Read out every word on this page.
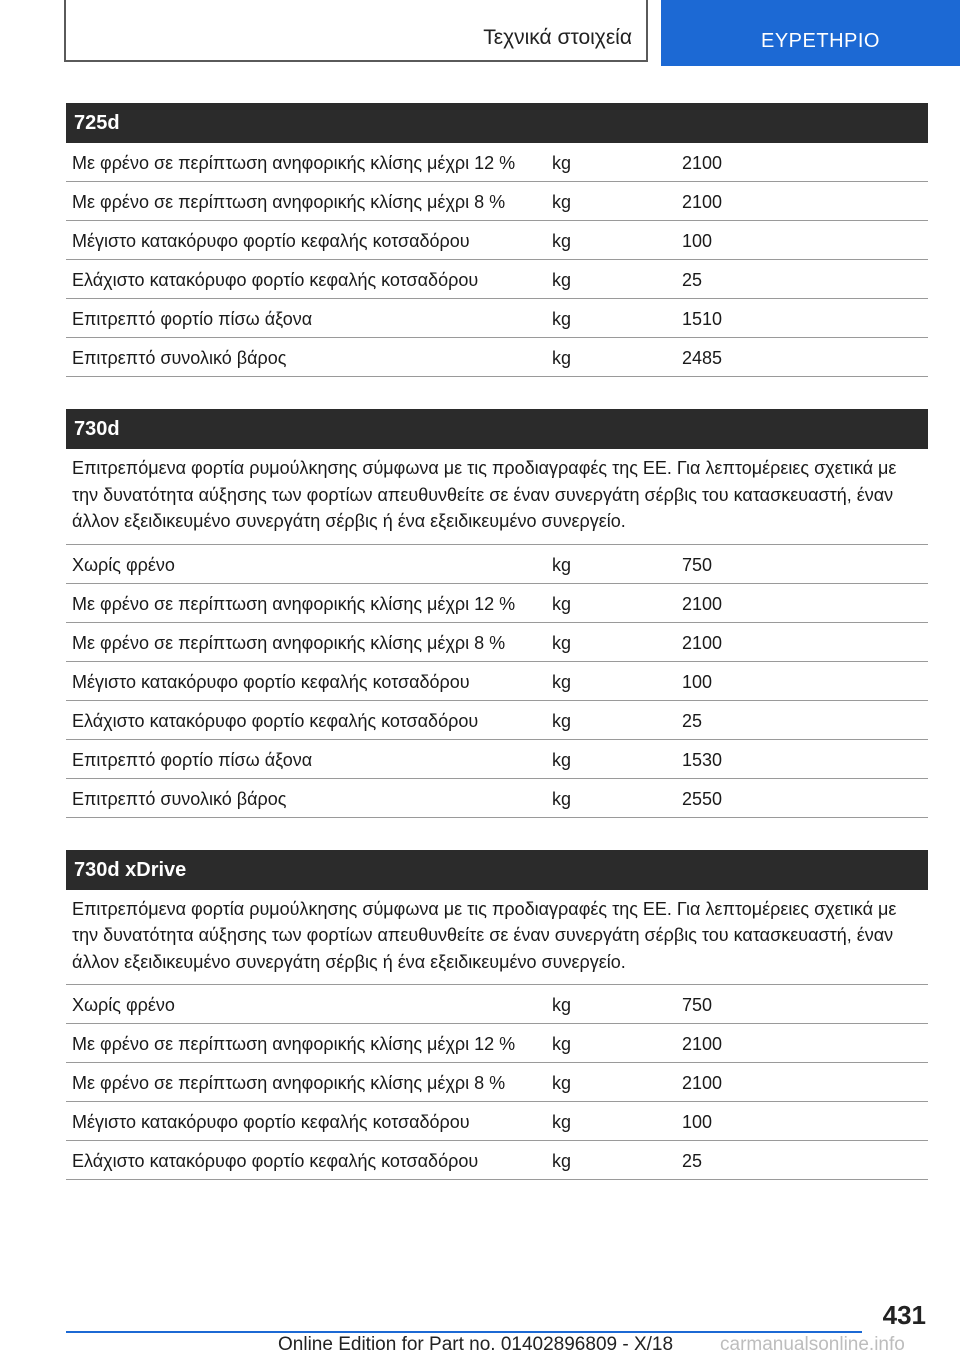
Τεχνικά στοιχεία	ΕΥΡΕΤΗΡΙΟ
725d
Με φρένο σε περίπτωση ανηφορικής κλίσης μέχρι 12 %	kg	2100
Με φρένο σε περίπτωση ανηφορικής κλίσης μέχρι 8 %	kg	2100
Μέγιστο κατακόρυφο φορτίο κεφαλής κοτσαδόρου	kg	100
Ελάχιστο κατακόρυφο φορτίο κεφαλής κοτσαδόρου	kg	25
Επιτρεπτό φορτίο πίσω άξονα	kg	1510
Επιτρεπτό συνολικό βάρος	kg	2485
730d
Επιτρεπόμενα φορτία ρυμούλκησης σύμφωνα με τις προδιαγραφές της ΕΕ. Για λεπτομέρειες σχετικά με την δυνατότητα αύξησης των φορτίων απευθυνθείτε σε έναν συνεργάτη σέρβις του κατασκευαστή, έναν άλλον εξειδικευμένο συνεργάτη σέρβις ή ένα εξειδικευμένο συνεργείο.
Χωρίς φρένο	kg	750
Με φρένο σε περίπτωση ανηφορικής κλίσης μέχρι 12 %	kg	2100
Με φρένο σε περίπτωση ανηφορικής κλίσης μέχρι 8 %	kg	2100
Μέγιστο κατακόρυφο φορτίο κεφαλής κοτσαδόρου	kg	100
Ελάχιστο κατακόρυφο φορτίο κεφαλής κοτσαδόρου	kg	25
Επιτρεπτό φορτίο πίσω άξονα	kg	1530
Επιτρεπτό συνολικό βάρος	kg	2550
730d xDrive
Επιτρεπόμενα φορτία ρυμούλκησης σύμφωνα με τις προδιαγραφές της ΕΕ. Για λεπτομέρειες σχετικά με την δυνατότητα αύξησης των φορτίων απευθυνθείτε σε έναν συνεργάτη σέρβις του κατασκευαστή, έναν άλλον εξειδικευμένο συνεργάτη σέρβις ή ένα εξειδικευμένο συνεργείο.
Χωρίς φρένο	kg	750
Με φρένο σε περίπτωση ανηφορικής κλίσης μέχρι 12 %	kg	2100
Με φρένο σε περίπτωση ανηφορικής κλίσης μέχρι 8 %	kg	2100
Μέγιστο κατακόρυφο φορτίο κεφαλής κοτσαδόρου	kg	100
Ελάχιστο κατακόρυφο φορτίο κεφαλής κοτσαδόρου	kg	25
431
Online Edition for Part no. 01402896809 - X/18 carmanualsonline.info
